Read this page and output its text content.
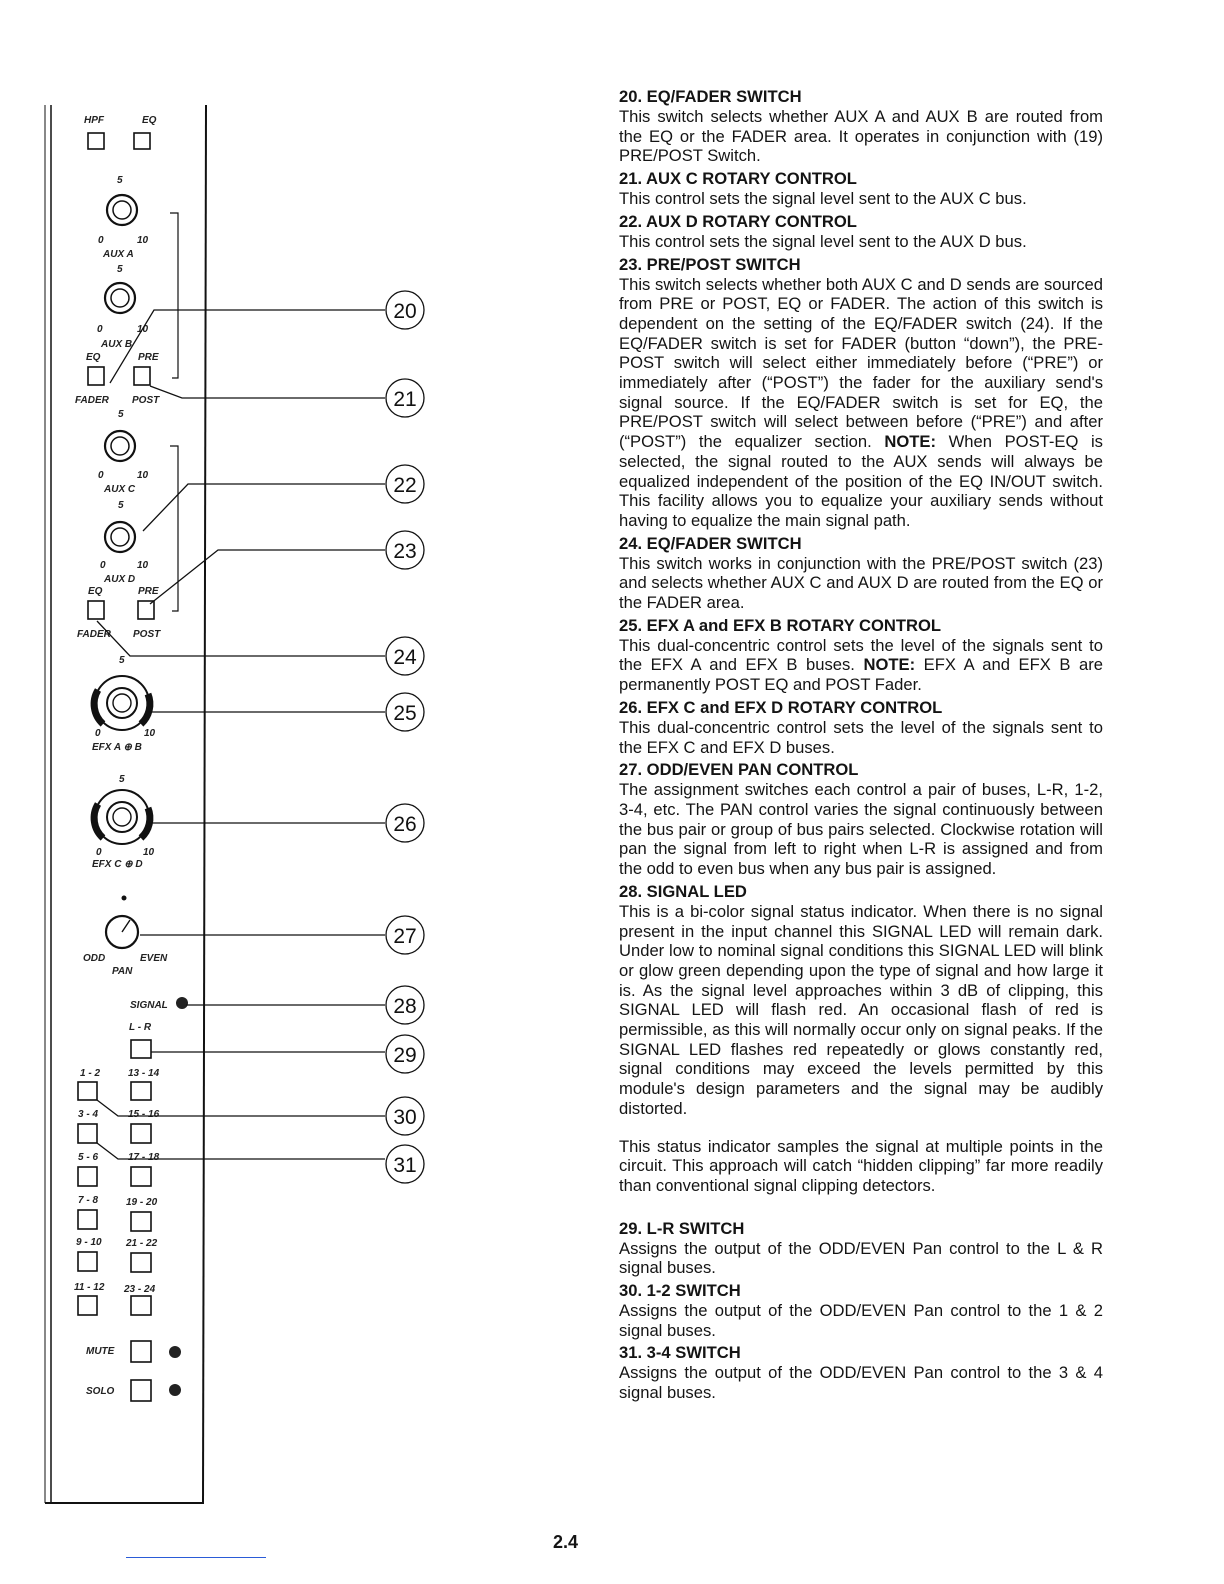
HPF	EQ
5
0	10
AUX A
5
0	10
AUX B
EQ	PRE
FADER POST
5
0	10
AUX C
5
0	10
AUX D
EQ	PRE
FADER POST
5
0	10
EFX A ⊕ B
5
0	10
EFX C ⊕ D
ODD	EVEN
PAN
SIGNAL
L - R
1 - 2	13 - 14
3 - 4	15 - 16
5 - 6	17 - 18
7 - 8	19 - 20
9 - 10 21 - 22
11 - 12 23 - 24
MUTE
SOLO
20
21
22
23
24
25
26
27
28
29
30
31
20. EQ/FADER SWITCH

This switch selects whether AUX A and AUX B are routed from the EQ or the FADER area. It operates in conjunction with (19) PRE/POST Switch.

21. AUX C ROTARY CONTROL

This control sets the signal level sent to the AUX C bus.

22. AUX D ROTARY CONTROL

This control sets the signal level sent to the AUX D bus.

23. PRE/POST SWITCH

This switch selects whether both AUX C and D sends are sourced from PRE or POST, EQ or FADER. The action of this switch is dependent on the setting of the EQ/FADER switch (24). If the EQ/FADER switch is set for FADER (button “down”), the PRE-POST switch will select either immediately before (“PRE”) or immediately after (“POST”) the fader for the auxiliary send's signal source. If the EQ/FADER switch is set for EQ, the PRE/POST switch will select between before (“PRE”) and after (“POST”) the equalizer section. NOTE: When POST-EQ is selected, the signal routed to the AUX sends will always be equalized independent of the position of the EQ IN/OUT switch. This facility allows you to equalize your auxiliary sends without having to equalize the main signal path.

24. EQ/FADER SWITCH

This switch works in conjunction with the PRE/POST switch (23) and selects whether AUX C and AUX D are routed from the EQ or the FADER area.

25. EFX A and EFX B ROTARY CONTROL

This dual-concentric control sets the level of the signals sent to the EFX A and EFX B buses. NOTE: EFX A and EFX B are permanently POST EQ and POST Fader.

26. EFX C and EFX D ROTARY CONTROL

This dual-concentric control sets the level of the signals sent to the EFX C and EFX D buses.

27. ODD/EVEN PAN CONTROL

The assignment switches each control a pair of buses, L-R, 1-2, 3-4, etc. The PAN control varies the signal continuously between the bus pair or group of bus pairs selected. Clockwise rotation will pan the signal from left to right when L-R is assigned and from the odd to even bus when any bus pair is assigned.

28. SIGNAL LED

This is a bi-color signal status indicator. When there is no signal present in the input channel this SIGNAL LED will remain dark. Under low to nominal signal conditions this SIGNAL LED will blink or glow green depending upon the type of signal and how large it is. As the signal level approaches within 3 dB of clipping, this SIGNAL LED will flash red. An occasional flash of red is permissible, as this will normally occur only on signal peaks. If the SIGNAL LED flashes red repeatedly or glows constantly red, signal conditions may exceed the levels permitted by this module's design parameters and the signal may be audibly distorted.

This status indicator samples the signal at multiple points in the circuit. This approach will catch “hidden clipping” far more readily than conventional signal clipping detectors.

29. L-R SWITCH

Assigns the output of the ODD/EVEN Pan control to the L & R signal buses.

30. 1-2 SWITCH

Assigns the output of the ODD/EVEN Pan control to the 1 & 2 signal buses.

31. 3-4 SWITCH

Assigns the output of the ODD/EVEN Pan control to the 3 & 4 signal buses.

2.4
